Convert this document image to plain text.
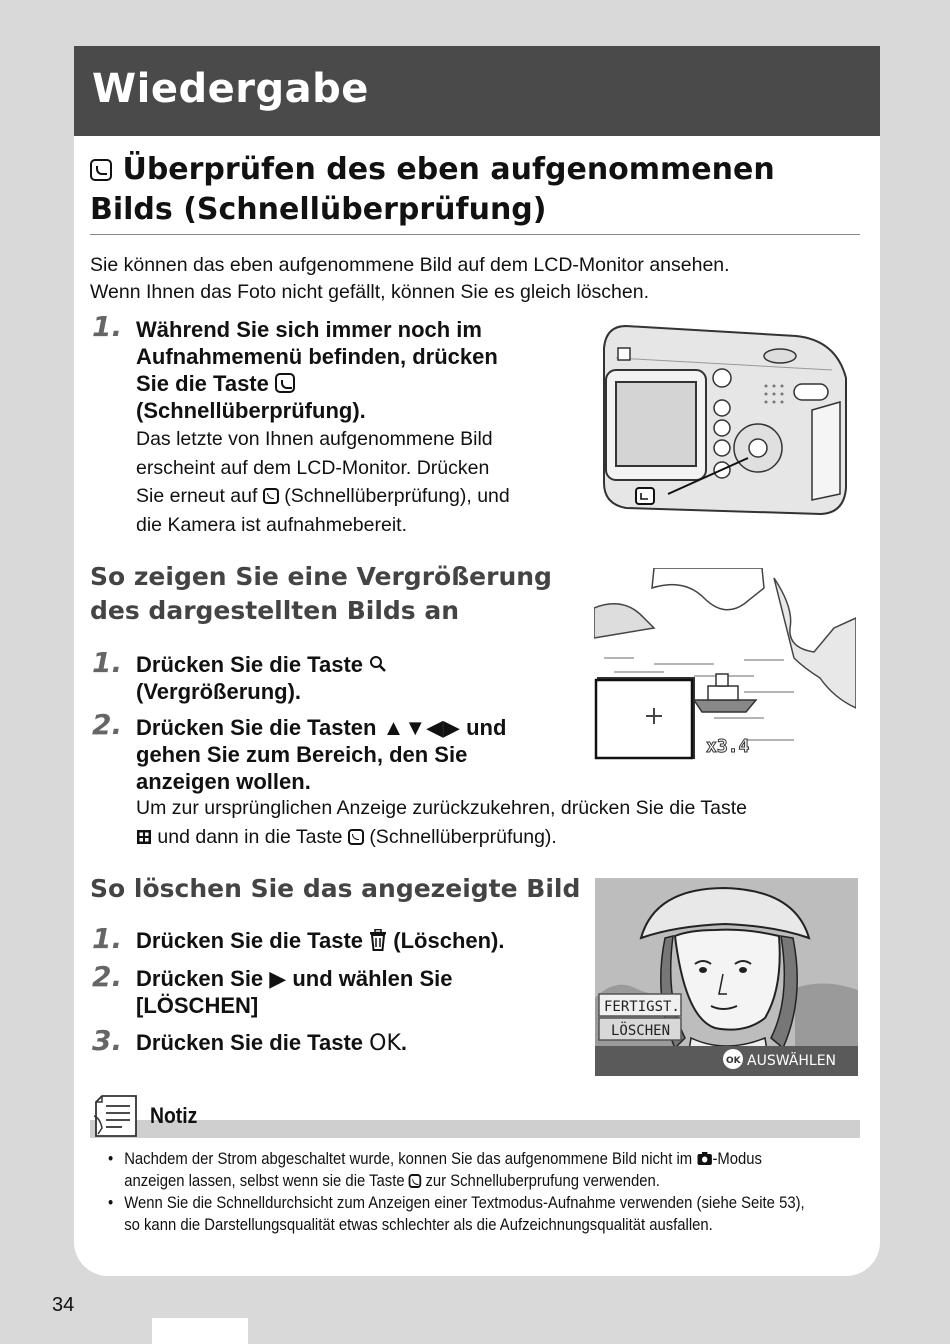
Wiedergabe
Überprüfen des eben aufgenommenen
Bilds (Schnellüberprüfung)
Sie können das eben aufgenommene Bild auf dem LCD-Monitor ansehen.
Wenn Ihnen das Foto nicht gefällt, können Sie es gleich löschen.
1. Während Sie sich immer noch im
Aufnahmemenü befinden, drücken
Sie die Taste
(Schnellüberprüfung).
Das letzte von Ihnen aufgenommene Bild
erscheint auf dem LCD-Monitor. Drücken
Sie erneut auf (Schnellüberprüfung), und
die Kamera ist aufnahmebereit.
So zeigen Sie eine Vergrößerung
des dargestellten Bilds an
1. Drücken Sie die Taste
(Vergrößerung).
2. Drücken Sie die Tasten ▲▼◀▶ und
gehen Sie zum Bereich, den Sie
anzeigen wollen.
Um zur ursprünglichen Anzeige zurückzukehren, drücken Sie die Taste
und dann in die Taste (Schnellüberprüfung).
x3.4
So löschen Sie das angezeigte Bild
1. Drücken Sie die Taste (Löschen).
2. Drücken Sie ▶ und wählen Sie
[LÖSCHEN]
3. Drücken Sie die Taste OK.
FERTIGST.
LÖSCHEN
OK AUSWÄHLEN
Notiz
• Nachdem der Strom abgeschaltet wurde, konnen Sie das aufgenommene Bild nicht im -Modus
anzeigen lassen, selbst wenn sie die Taste zur Schnelluberprufung verwenden.
• Wenn Sie die Schnelldurchsicht zum Anzeigen einer Textmodus-Aufnahme verwenden (siehe Seite 53),
so kann die Darstellungsqualität etwas schlechter als die Aufzeichnungsqualität ausfallen.
34
